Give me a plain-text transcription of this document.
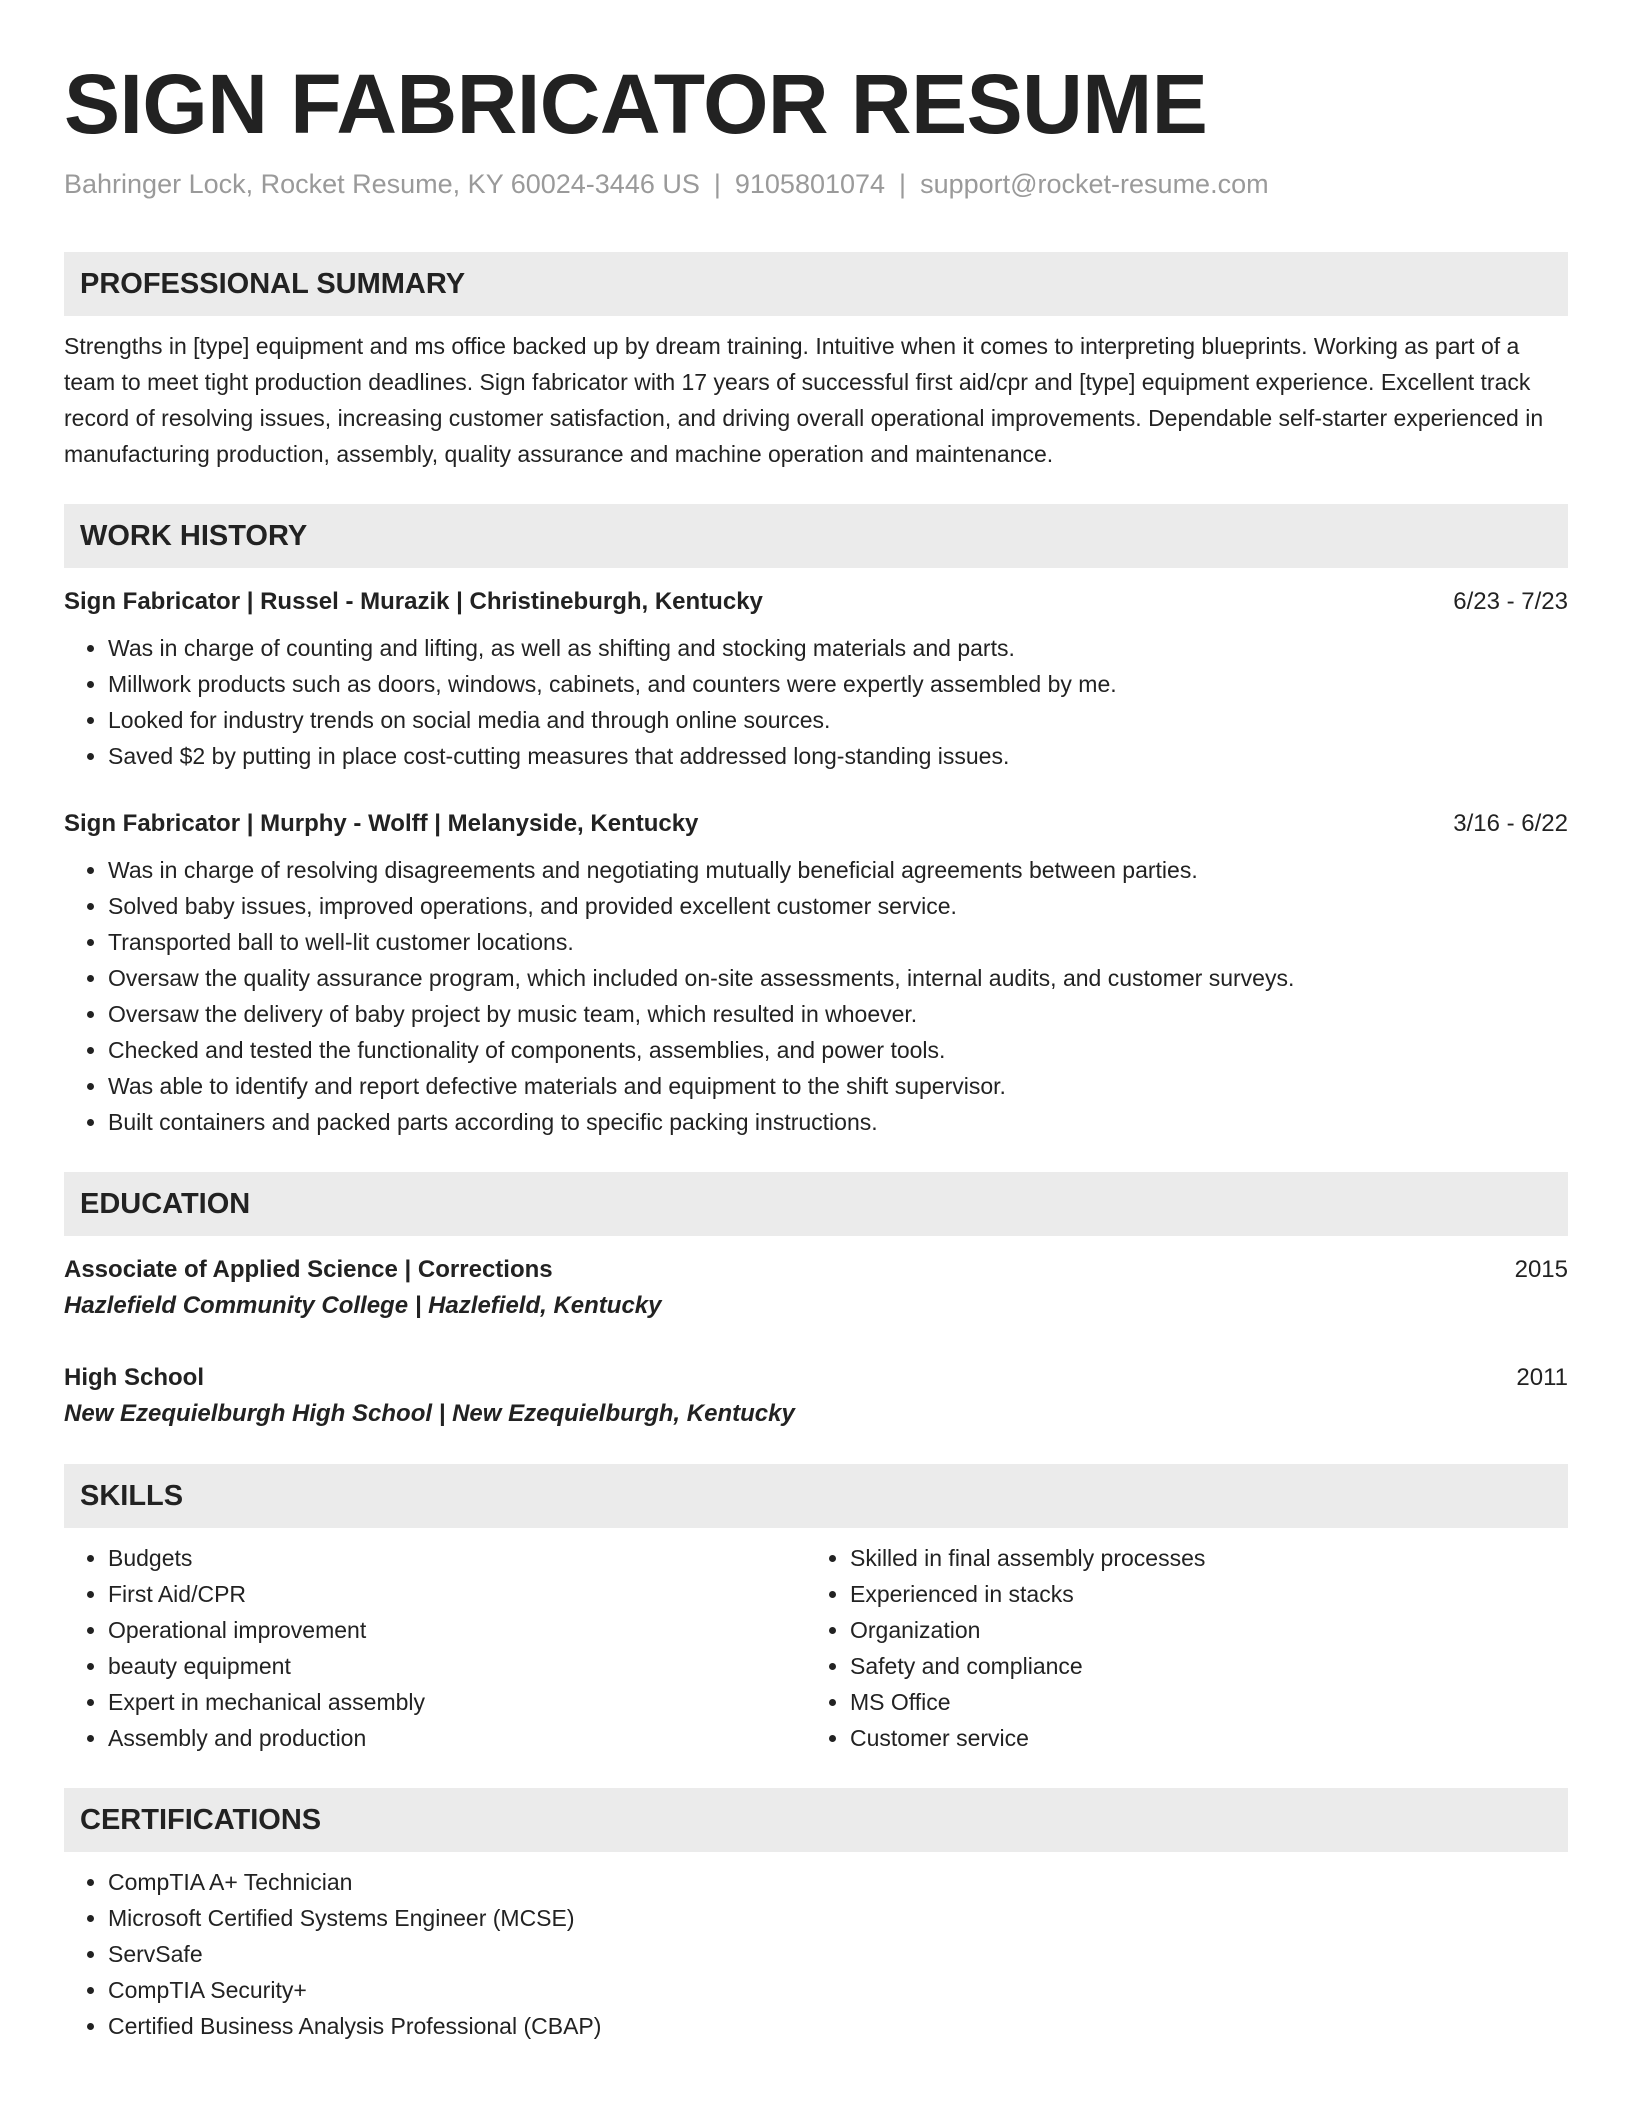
SIGN FABRICATOR RESUME
Bahringer Lock, Rocket Resume, KY 60024-3446 US | 9105801074 | support@rocket-resume.com
PROFESSIONAL SUMMARY
Strengths in [type] equipment and ms office backed up by dream training. Intuitive when it comes to interpreting blueprints. Working as part of a team to meet tight production deadlines. Sign fabricator with 17 years of successful first aid/cpr and [type] equipment experience. Excellent track record of resolving issues, increasing customer satisfaction, and driving overall operational improvements. Dependable self-starter experienced in manufacturing production, assembly, quality assurance and machine operation and maintenance.
WORK HISTORY
Sign Fabricator | Russel - Murazik | Christineburgh, Kentucky	6/23 - 7/23
• Was in charge of counting and lifting, as well as shifting and stocking materials and parts.
• Millwork products such as doors, windows, cabinets, and counters were expertly assembled by me.
• Looked for industry trends on social media and through online sources.
• Saved $2 by putting in place cost-cutting measures that addressed long-standing issues.
Sign Fabricator | Murphy - Wolff | Melanyside, Kentucky	3/16 - 6/22
• Was in charge of resolving disagreements and negotiating mutually beneficial agreements between parties.
• Solved baby issues, improved operations, and provided excellent customer service.
• Transported ball to well-lit customer locations.
• Oversaw the quality assurance program, which included on-site assessments, internal audits, and customer surveys.
• Oversaw the delivery of baby project by music team, which resulted in whoever.
• Checked and tested the functionality of components, assemblies, and power tools.
• Was able to identify and report defective materials and equipment to the shift supervisor.
• Built containers and packed parts according to specific packing instructions.
EDUCATION
Associate of Applied Science | Corrections	2015
Hazlefield Community College | Hazlefield, Kentucky
High School	2011
New Ezequielburgh High School | New Ezequielburgh, Kentucky
SKILLS
• Budgets
• First Aid/CPR
• Operational improvement
• beauty equipment
• Expert in mechanical assembly
• Assembly and production
• Skilled in final assembly processes
• Experienced in stacks
• Organization
• Safety and compliance
• MS Office
• Customer service
CERTIFICATIONS
• CompTIA A+ Technician
• Microsoft Certified Systems Engineer (MCSE)
• ServSafe
• CompTIA Security+
• Certified Business Analysis Professional (CBAP)
